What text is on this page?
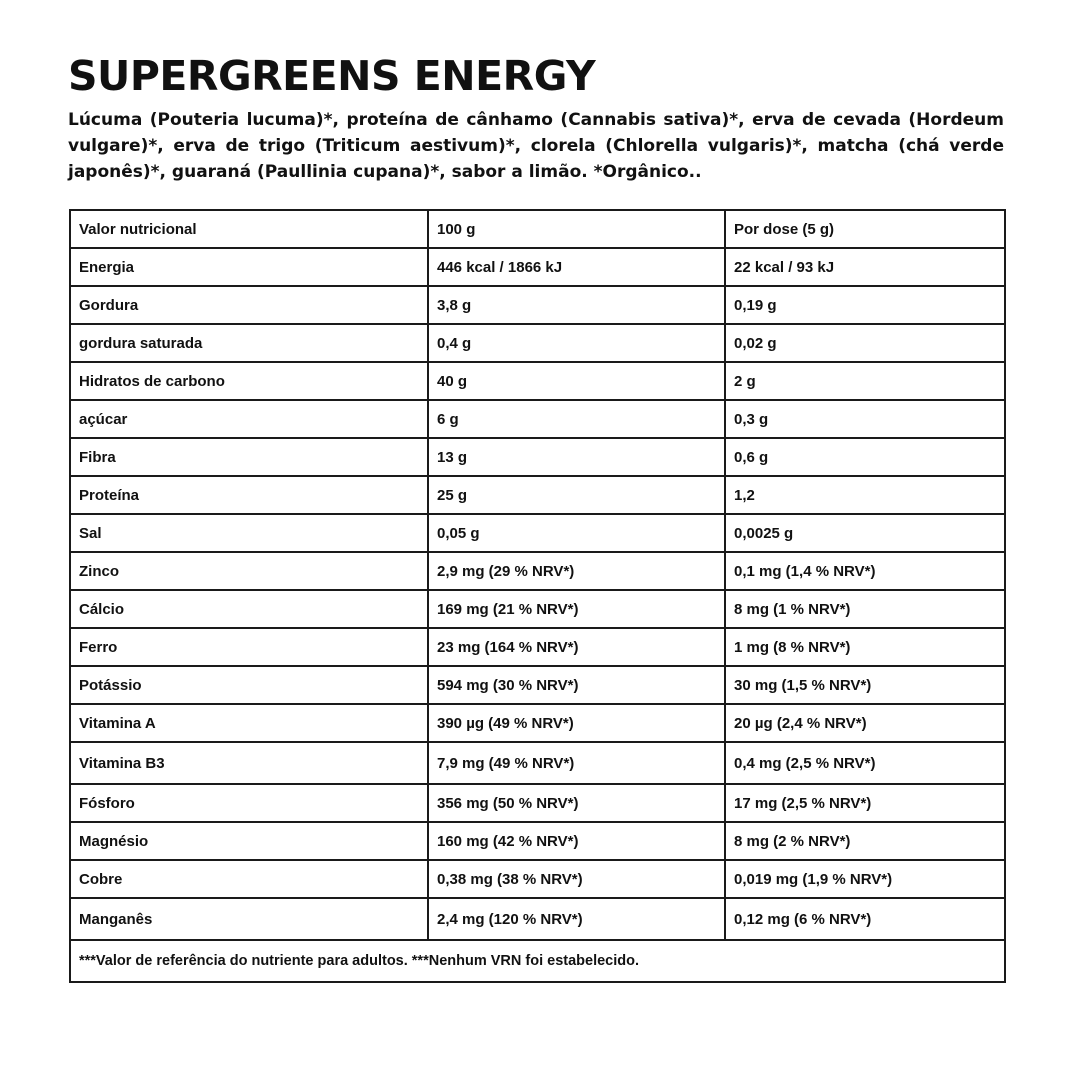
SUPERGREENS ENERGY

Lúcuma (Pouteria lucuma)*, proteína de cânhamo (Cannabis sativa)*, erva de cevada (Hordeum vulgare)*, erva de trigo (Triticum aestivum)*, clorela (Chlorella vulgaris)*, matcha (chá verde japonês)*, guaraná (Paullinia cupana)*, sabor a limão. *Orgânico..

Valor nutricional	100 g	Por dose (5 g)
Energia	446 kcal / 1866 kJ	22 kcal / 93 kJ
Gordura	3,8 g	0,19 g
gordura saturada	0,4 g	0,02 g
Hidratos de carbono	40 g	2 g
açúcar	6 g	0,3 g
Fibra	13 g	0,6 g
Proteína	25 g	1,2
Sal	0,05 g	0,0025 g
Zinco	2,9 mg (29 % NRV*)	0,1 mg (1,4 % NRV*)
Cálcio	169 mg (21 % NRV*)	8 mg (1 % NRV*)
Ferro	23 mg (164 % NRV*)	1 mg (8 % NRV*)
Potássio	594 mg (30 % NRV*)	30 mg (1,5 % NRV*)
Vitamina A	390 µg (49 % NRV*)	20 µg (2,4 % NRV*)
Vitamina B3	7,9 mg (49 % NRV*)	0,4 mg (2,5 % NRV*)
Fósforo	356 mg (50 % NRV*)	17 mg (2,5 % NRV*)
Magnésio	160 mg (42 % NRV*)	8 mg (2 % NRV*)
Cobre	0,38 mg (38 % NRV*)	0,019 mg (1,9 % NRV*)
Manganês	2,4 mg (120 % NRV*)	0,12 mg (6 % NRV*)
***Valor de referência do nutriente para adultos. ***Nenhum VRN foi estabelecido.		
